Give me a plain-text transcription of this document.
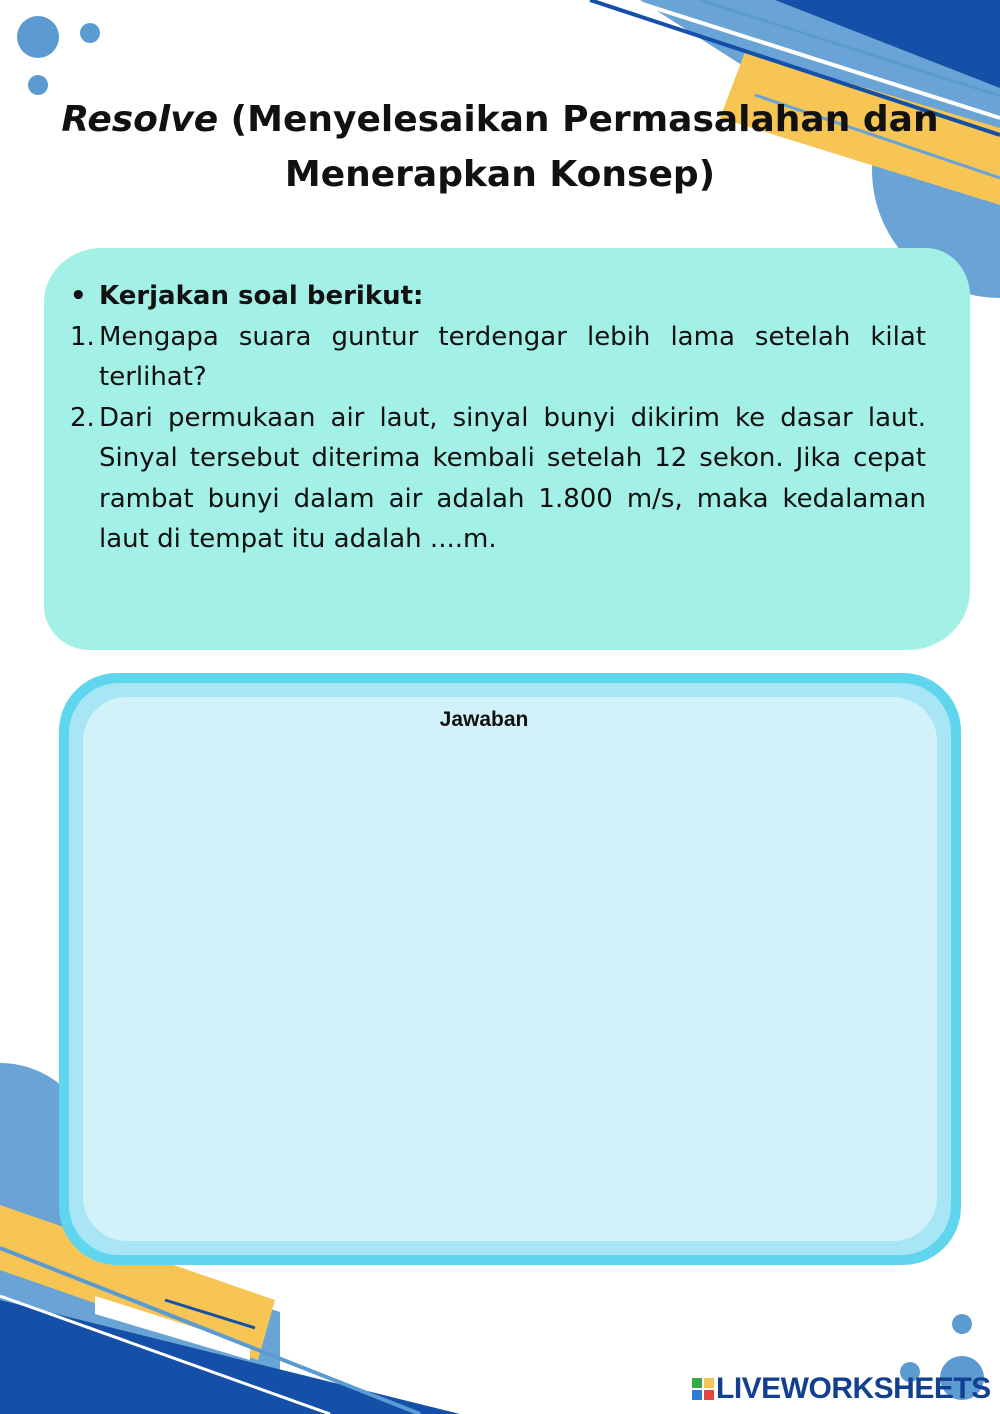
Resolve (Menyelesaikan Permasalahan dan Menerapkan Konsep)
• Kerjakan soal berikut:
1. Mengapa suara guntur terdengar lebih lama setelah kilat terlihat?
2. Dari permukaan air laut, sinyal bunyi dikirim ke dasar laut. Sinyal tersebut diterima kembali setelah 12 sekon. Jika cepat rambat bunyi dalam air adalah 1.800 m/s, maka kedalaman laut di tempat itu adalah ....m.
Jawaban
LIVEWORKSHEETS
